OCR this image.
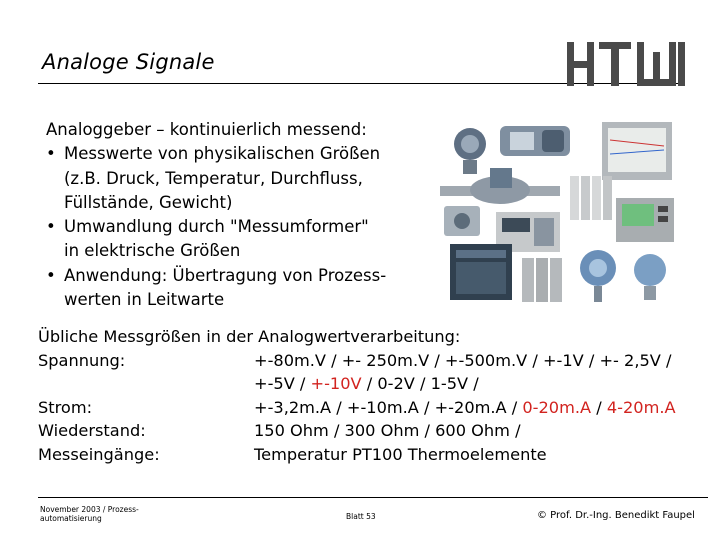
Analoge Signale

Analoggeber – kontinuierlich messend:

• Messwerte von physikalischen Größen
(z.B. Druck, Temperatur, Durchfluss,
Füllstände, Gewicht)
• Umwandlung durch "Messumformer"
in elektrische Größen
• Anwendung: Übertragung von Prozess-
werten in Leitwarte
Übliche Messgrößen in der Analogwertverarbeitung:
Spannung:	+-80m.V / +- 250m.V / +-500m.V / +-1V / +- 2,5V /
+-5V / +-10V / 0-2V / 1-5V /
Strom:	+-3,2m.A / +-10m.A / +-20m.A / 0-20m.A / 4-20m.A
Wiederstand:	150 Ohm / 300 Ohm / 600 Ohm /
Messeingänge:	Temperatur PT100 Thermoelemente
November 2003 / Prozess-
automatisierung	Blatt 53	© Prof. Dr.-Ing. Benedikt Faupel
